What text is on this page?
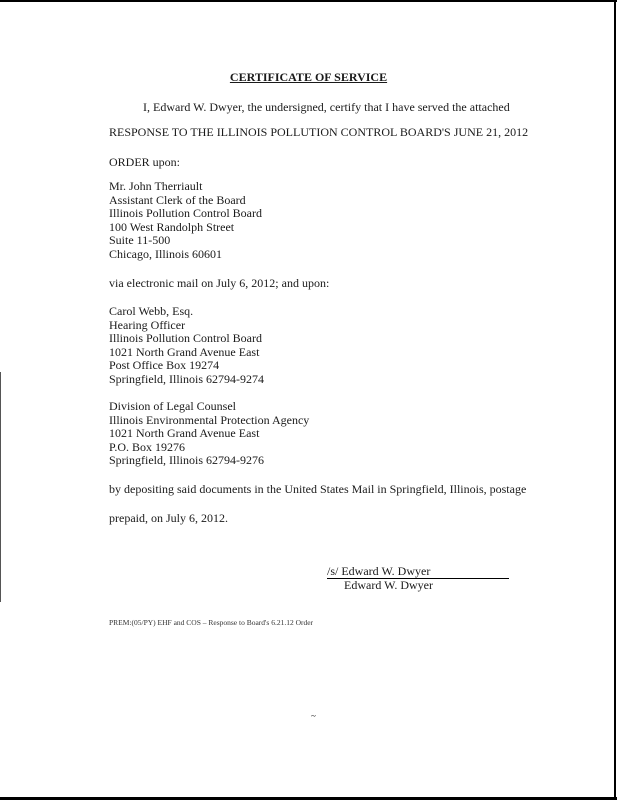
CERTIFICATE OF SERVICE
I, Edward W. Dwyer, the undersigned, certify that I have served the attached
RESPONSE TO THE ILLINOIS POLLUTION CONTROL BOARD'S JUNE 21, 2012
ORDER upon:
Mr. John Therriault
Assistant Clerk of the Board
Illinois Pollution Control Board
100 West Randolph Street
Suite 11-500
Chicago, Illinois 60601
via electronic mail on July 6, 2012; and upon:
Carol Webb, Esq.
Hearing Officer
Illinois Pollution Control Board
1021 North Grand Avenue East
Post Office Box 19274
Springfield, Illinois 62794-9274
Division of Legal Counsel
Illinois Environmental Protection Agency
1021 North Grand Avenue East
P.O. Box 19276
Springfield, Illinois 62794-9276
by depositing said documents in the United States Mail in Springfield, Illinois, postage
prepaid, on July 6, 2012.
/s/ Edward W. Dwyer
Edward W. Dwyer
PREM:(05/PY) EHF and COS – Response to Board's 6.21.12 Order
~
